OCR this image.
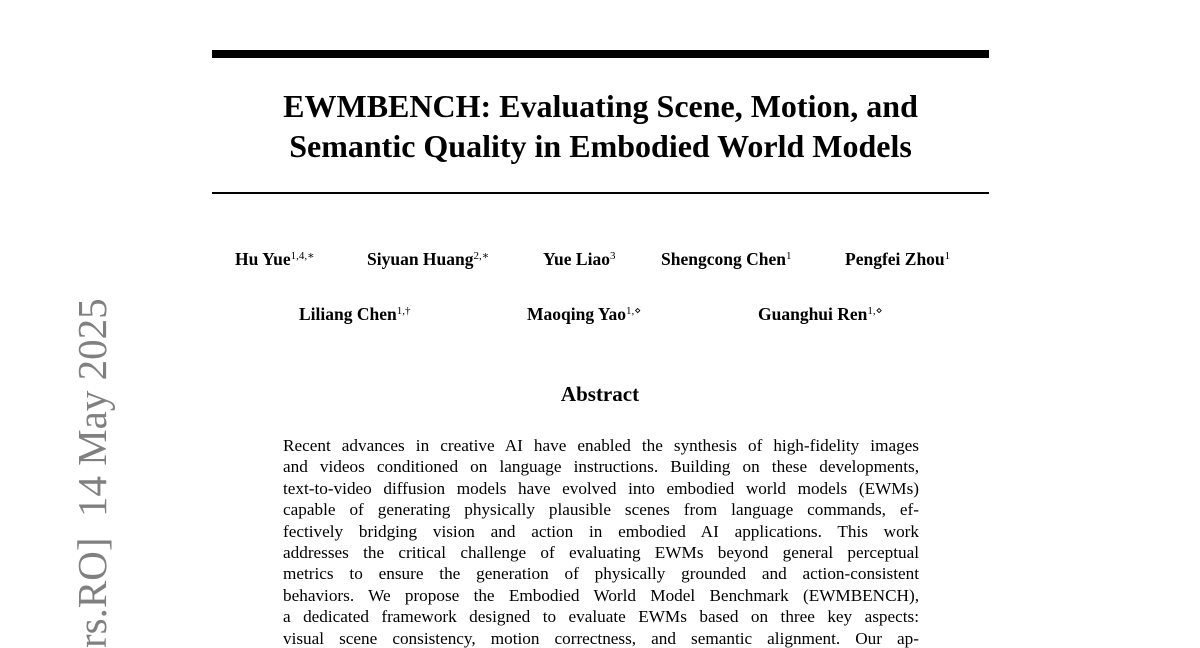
EWMBENCH: Evaluating Scene, Motion, and
Semantic Quality in Embodied World Models
Hu Yue$^{1,4,∗}$	Siyuan Huang$^{2,∗}$	Yue Liao$^3$	Shengcong Chen$^1$	Pengfei Zhou$^1$
Liliang Chen$^{1,\dagger}$	Maoqing Yao$^{1,⋄}$	Guanghui Ren$^{1,⋄}$
Abstract
Recent advances in creative AI have enabled the synthesis of high-fidelity images
and videos conditioned on language instructions. Building on these developments,
text-to-video diffusion models have evolved into embodied world models (EWMs)
capable of generating physically plausible scenes from language commands, ef-
fectively bridging vision and action in embodied AI applications. This work
addresses the critical challenge of evaluating EWMs beyond general perceptual
metrics to ensure the generation of physically grounded and action-consistent
behaviors. We propose the Embodied World Model Benchmark (EWMBENCH),
a dedicated framework designed to evaluate EWMs based on three key aspects:
visual scene consistency, motion correctness, and semantic alignment. Our ap-
rs.RO]  14 May 2025
